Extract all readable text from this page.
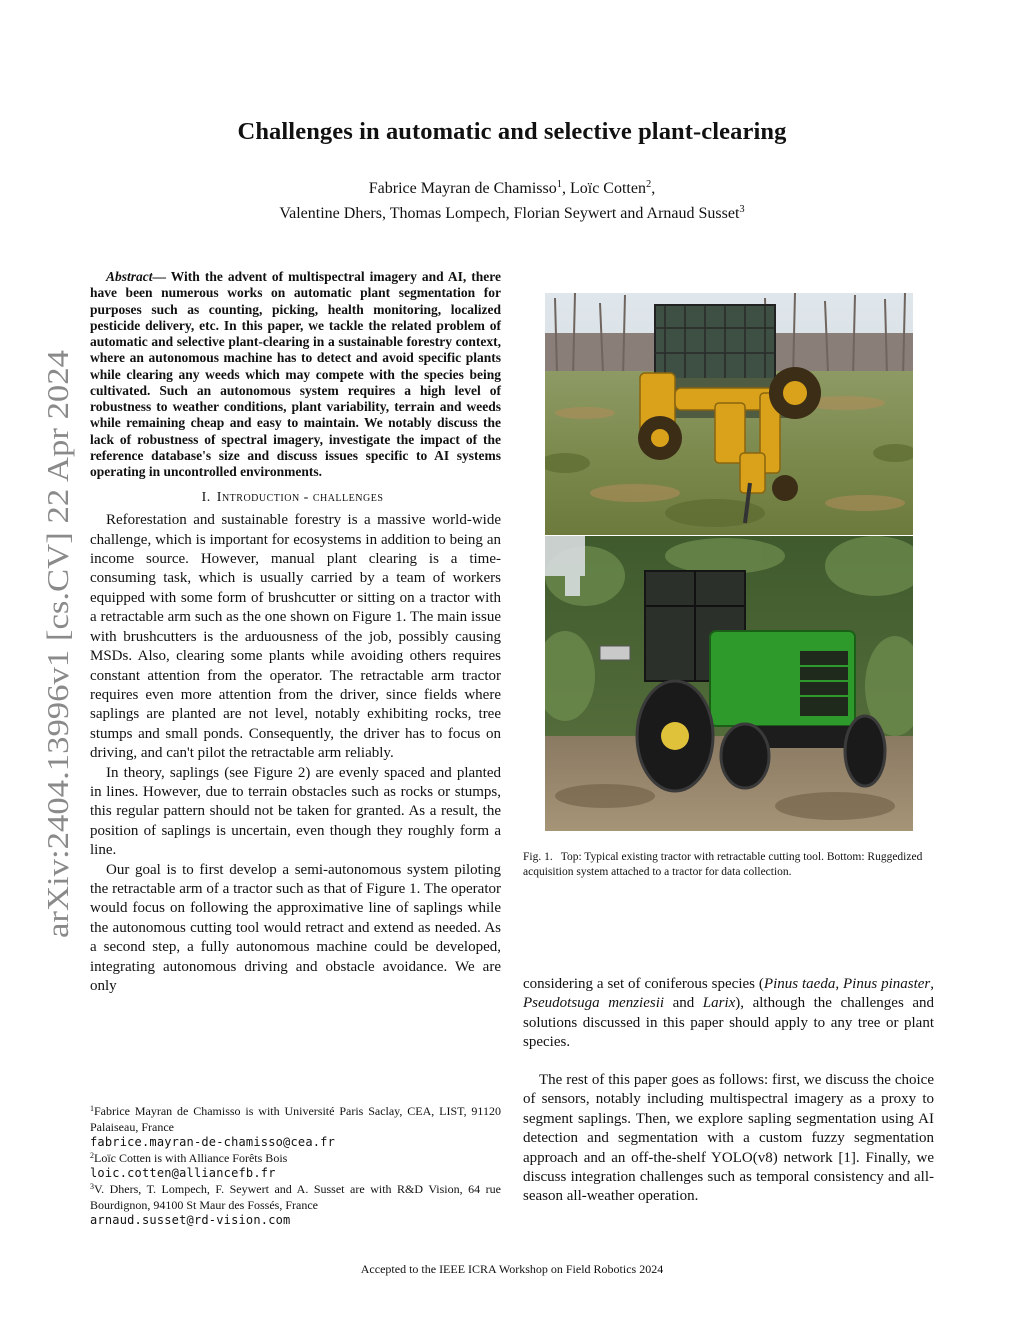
Challenges in automatic and selective plant-clearing
Fabrice Mayran de Chamisso$^1$, Loïc Cotten$^2$,
Valentine Dhers, Thomas Lompech, Florian Seywert and Arnaud Susset$^3$
arXiv:2404.13996v1 [cs.CV] 22 Apr 2024
Abstract— With the advent of multispectral imagery and AI, there have been numerous works on automatic plant segmentation for purposes such as counting, picking, health monitoring, localized pesticide delivery, etc. In this paper, we tackle the related problem of automatic and selective plant-clearing in a sustainable forestry context, where an autonomous machine has to detect and avoid specific plants while clearing any weeds which may compete with the species being cultivated. Such an autonomous system requires a high level of robustness to weather conditions, plant variability, terrain and weeds while remaining cheap and easy to maintain. We notably discuss the lack of robustness of spectral imagery, investigate the impact of the reference database's size and discuss issues specific to AI systems operating in uncontrolled environments.
I. Introduction - challenges

Reforestation and sustainable forestry is a massive world-wide challenge, which is important for ecosystems in addition to being an income source. However, manual plant clearing is a time-consuming task, which is usually carried by a team of workers equipped with some form of brushcutter or sitting on a tractor with a retractable arm such as the one shown on Figure 1. The main issue with brushcutters is the arduousness of the job, possibly causing MSDs. Also, clearing some plants while avoiding others requires constant attention from the operator. The retractable arm tractor requires even more attention from the driver, since fields where saplings are planted are not level, notably exhibiting rocks, tree stumps and small ponds. Consequently, the driver has to focus on driving, and can't pilot the retractable arm reliably.

In theory, saplings (see Figure 2) are evenly spaced and planted in lines. However, due to terrain obstacles such as rocks or stumps, this regular pattern should not be taken for granted. As a result, the position of saplings is uncertain, even though they roughly form a line.

Our goal is to first develop a semi-autonomous system piloting the retractable arm of a tractor such as that of Figure 1. The operator would focus on following the approximative line of saplings while the autonomous cutting tool would retract and extend as needed. As a second step, a fully autonomous machine could be developed, integrating autonomous driving and obstacle avoidance. We are only

$^1$Fabrice Mayran de Chamisso is with Université Paris Saclay, CEA, LIST, 91120 Palaiseau, France
fabrice.mayran-de-chamisso@cea.fr

$^2$Loïc Cotten is with Alliance Forêts Bois
loic.cotten@alliancefb.fr

$^3$V. Dhers, T. Lompech, F. Seywert and A. Susset are with R&D Vision, 64 rue Bourdignon, 94100 St Maur des Fossés, France
arnaud.susset@rd-vision.com

Fig. 1. Top: Typical existing tractor with retractable cutting tool. Bottom: Ruggedized acquisition system attached to a tractor for data collection.

considering a set of coniferous species (Pinus taeda, Pinus pinaster, Pseudotsuga menziesii and Larix), although the challenges and solutions discussed in this paper should apply to any tree or plant species.

The rest of this paper goes as follows: first, we discuss the choice of sensors, notably including multispectral imagery as a proxy to segment saplings. Then, we explore sapling segmentation using AI detection and segmentation with a custom fuzzy segmentation approach and an off-the-shelf YOLO(v8) network [1]. Finally, we discuss integration challenges such as temporal consistency and all-season all-weather operation.

Accepted to the IEEE ICRA Workshop on Field Robotics 2024
